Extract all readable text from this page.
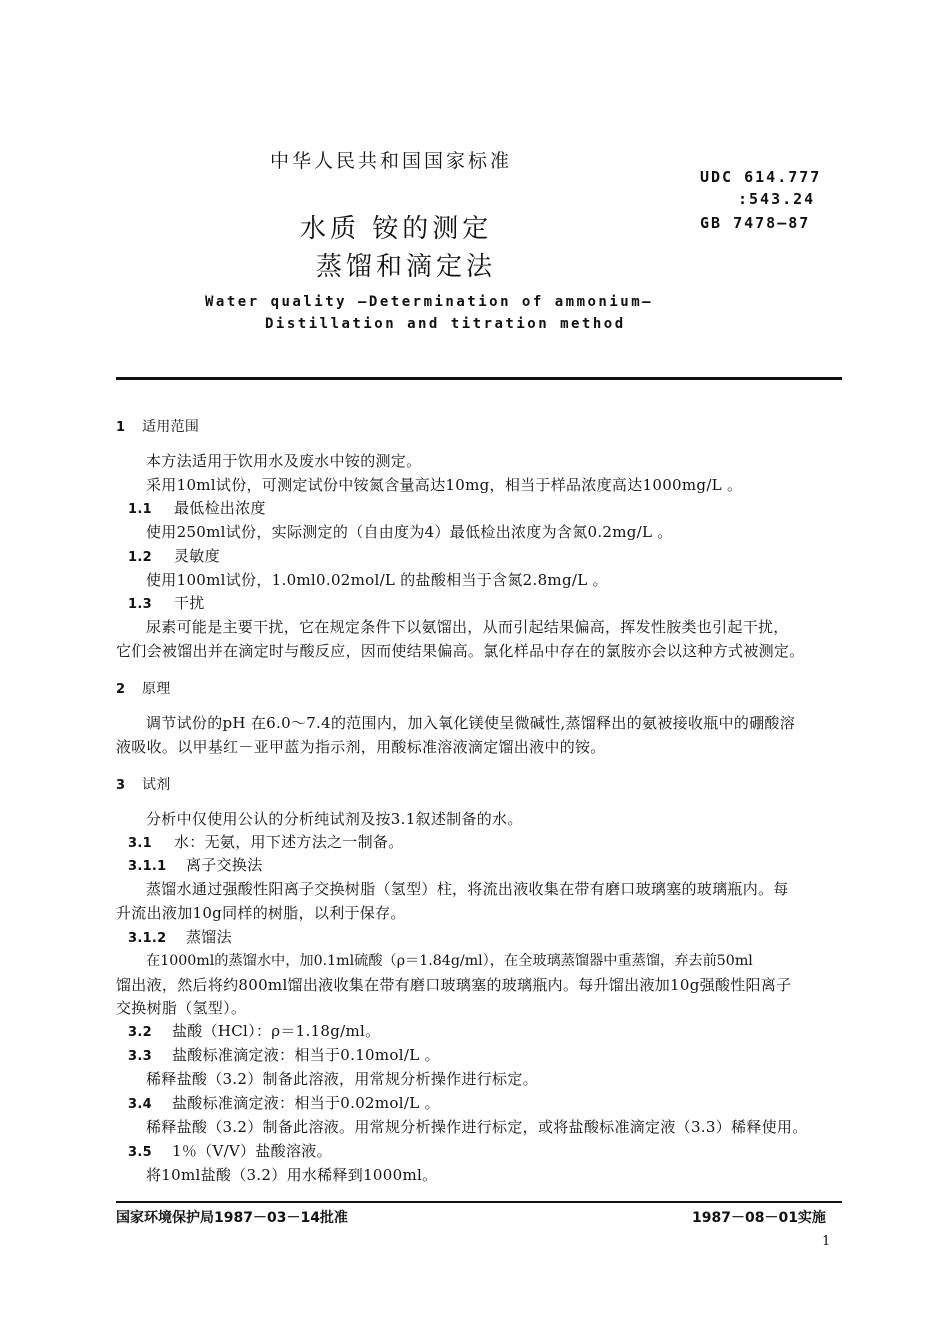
中华人民共和国国家标准
UDC 614.777
:543.24
GB 7478—87
水质 铵的测定
蒸馏和滴定法
Water quality —Determination of ammonium—
Distillation and titration method
1 适用范围
本方法适用于饮用水及废水中铵的测定。
采用10ml试份，可测定试份中铵氮含量高达10mg，相当于样品浓度高达1000mg/L 。
1.1 最低检出浓度
使用250ml试份，实际测定的（自由度为4）最低检出浓度为含氮0.2mg/L 。
1.2 灵敏度
使用100ml试份，1.0ml0.02mol/L 的盐酸相当于含氮2.8mg/L 。
1.3 干扰
尿素可能是主要干扰，它在规定条件下以氨馏出，从而引起结果偏高，挥发性胺类也引起干扰，
它们会被馏出并在滴定时与酸反应，因而使结果偏高。氯化样品中存在的氯胺亦会以这种方式被测定。
2 原理
调节试份的pH 在6.0～7.4的范围内，加入氧化镁使呈微碱性,蒸馏释出的氨被接收瓶中的硼酸溶
液吸收。以甲基红－亚甲蓝为指示剂，用酸标准溶液滴定馏出液中的铵。
3 试剂
分析中仅使用公认的分析纯试剂及按3.1叙述制备的水。
3.1 水：无氨，用下述方法之一制备。
3.1.1 离子交换法
蒸馏水通过强酸性阳离子交换树脂（氢型）柱，将流出液收集在带有磨口玻璃塞的玻璃瓶内。每
升流出液加10g同样的树脂，以利于保存。
3.1.2 蒸馏法
在1000ml的蒸馏水中，加0.1ml硫酸（ρ＝1.84g/ml），在全玻璃蒸馏器中重蒸馏，弃去前50ml
馏出液，然后将约800ml馏出液收集在带有磨口玻璃塞的玻璃瓶内。每升馏出液加10g强酸性阳离子
交换树脂（氢型）。
3.2 盐酸（HCl）：ρ＝1.18g/ml。
3.3 盐酸标准滴定液：相当于0.10mol/L 。
稀释盐酸（3.2）制备此溶液，用常规分析操作进行标定。
3.4 盐酸标准滴定液：相当于0.02mol/L 。
稀释盐酸（3.2）制备此溶液。用常规分析操作进行标定，或将盐酸标准滴定液（3.3）稀释使用。
3.5 1％（V/V）盐酸溶液。
将10ml盐酸（3.2）用水稀释到1000ml。
国家环境保护局1987－03－14批准	1987－08－01实施
1
